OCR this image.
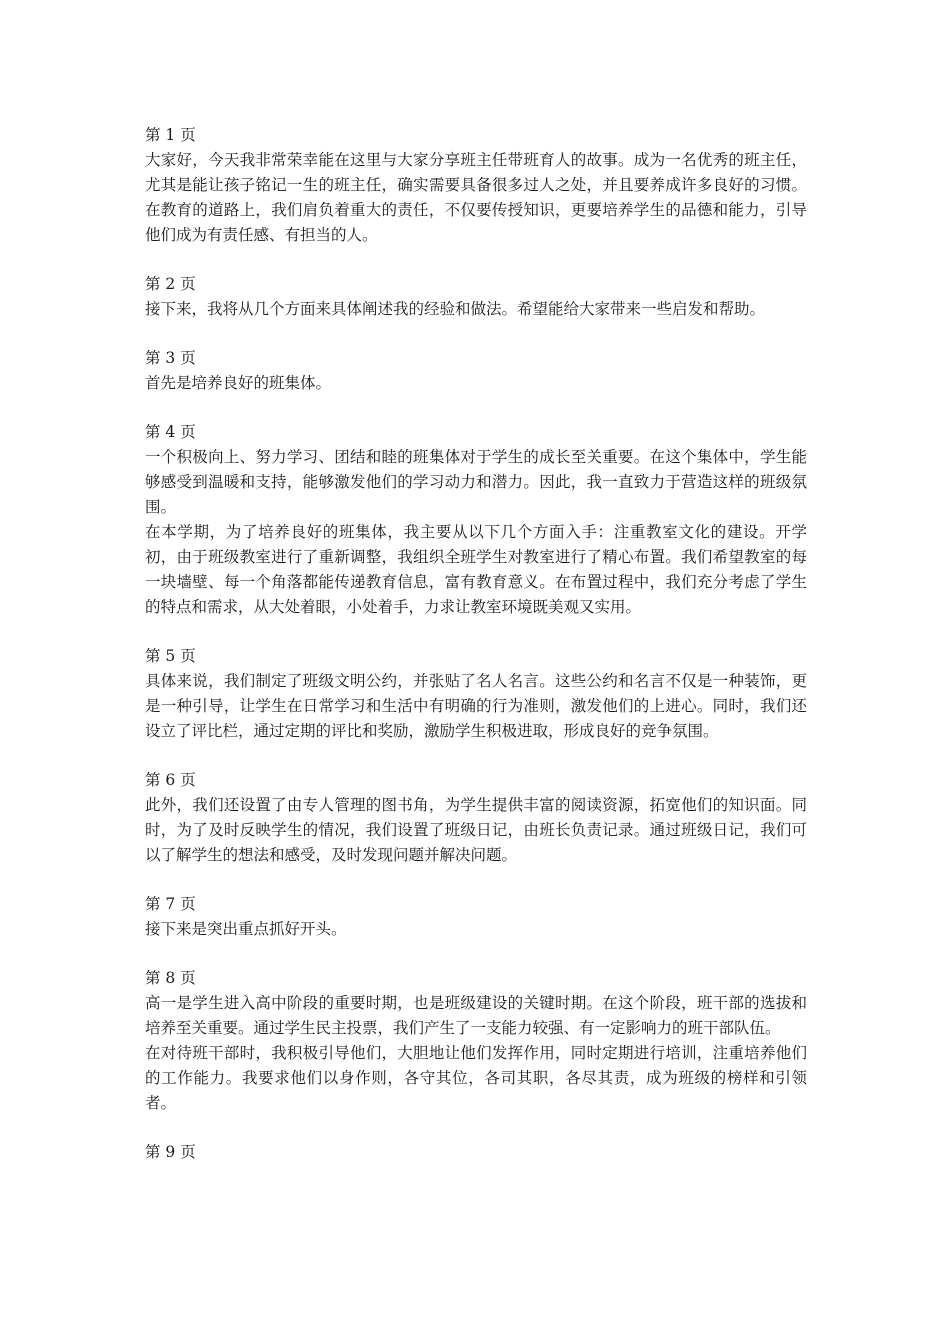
第 1 页
大家好，今天我非常荣幸能在这里与大家分享班主任带班育人的故事。成为一名优秀的班主任，尤其是能让孩子铭记一生的班主任，确实需要具备很多过人之处，并且要养成许多良好的习惯。在教育的道路上，我们肩负着重大的责任，不仅要传授知识，更要培养学生的品德和能力，引导他们成为有责任感、有担当的人。
第 2 页
接下来，我将从几个方面来具体阐述我的经验和做法。希望能给大家带来一些启发和帮助。
第 3 页
首先是培养良好的班集体。
第 4 页
一个积极向上、努力学习、团结和睦的班集体对于学生的成长至关重要。在这个集体中，学生能够感受到温暖和支持，能够激发他们的学习动力和潜力。因此，我一直致力于营造这样的班级氛围。
在本学期，为了培养良好的班集体，我主要从以下几个方面入手：注重教室文化的建设。开学初，由于班级教室进行了重新调整，我组织全班学生对教室进行了精心布置。我们希望教室的每一块墙壁、每一个角落都能传递教育信息，富有教育意义。在布置过程中，我们充分考虑了学生的特点和需求，从大处着眼，小处着手，力求让教室环境既美观又实用。
第 5 页
具体来说，我们制定了班级文明公约，并张贴了名人名言。这些公约和名言不仅是一种装饰，更是一种引导，让学生在日常学习和生活中有明确的行为准则，激发他们的上进心。同时，我们还设立了评比栏，通过定期的评比和奖励，激励学生积极进取，形成良好的竞争氛围。
第 6 页
此外，我们还设置了由专人管理的图书角，为学生提供丰富的阅读资源，拓宽他们的知识面。同时，为了及时反映学生的情况，我们设置了班级日记，由班长负责记录。通过班级日记，我们可以了解学生的想法和感受，及时发现问题并解决问题。
第 7 页
接下来是突出重点抓好开头。
第 8 页
高一是学生进入高中阶段的重要时期，也是班级建设的关键时期。在这个阶段，班干部的选拔和培养至关重要。通过学生民主投票，我们产生了一支能力较强、有一定影响力的班干部队伍。
在对待班干部时，我积极引导他们，大胆地让他们发挥作用，同时定期进行培训，注重培养他们的工作能力。我要求他们以身作则，各守其位，各司其职，各尽其责，成为班级的榜样和引领者。
第 9 页
